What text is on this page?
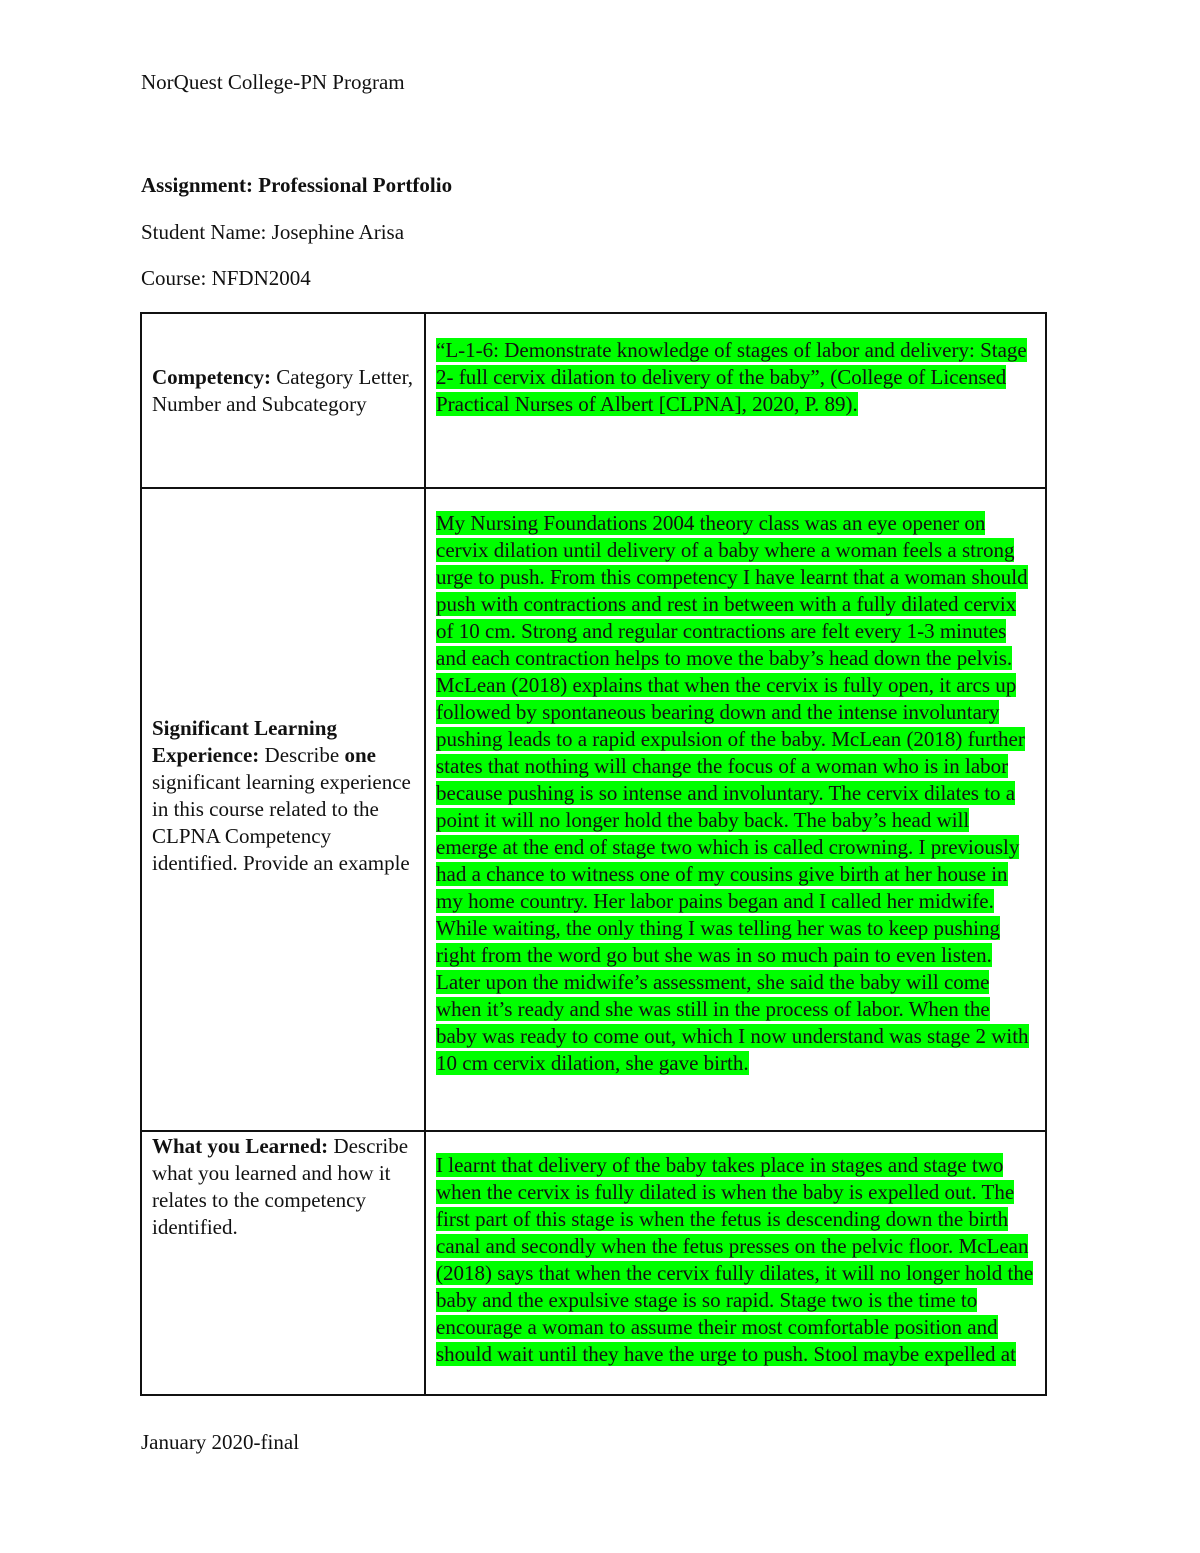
NorQuest College-PN Program
Assignment: Professional Portfolio
Student Name: Josephine Arisa
Course: NFDN2004
Competency: Category Letter, Number and Subcategory	“L-1-6: Demonstrate knowledge of stages of labor and delivery: Stage 2- full cervix dilation to delivery of the baby”, (College of Licensed Practical Nurses of Albert [CLPNA], 2020, P. 89).

Significant Learning Experience: Describe one significant learning experience in this course related to the CLPNA Competency identified. Provide an example	My Nursing Foundations 2004 theory class was an eye opener on cervix dilation until delivery of a baby where a woman feels a strong urge to push. From this competency I have learnt that a woman should push with contractions and rest in between with a fully dilated cervix of 10 cm. Strong and regular contractions are felt every 1-3 minutes and each contraction helps to move the baby’s head down the pelvis. McLean (2018) explains that when the cervix is fully open, it arcs up followed by spontaneous bearing down and the intense involuntary pushing leads to a rapid expulsion of the baby. McLean (2018) further states that nothing will change the focus of a woman who is in labor because pushing is so intense and involuntary. The cervix dilates to a point it will no longer hold the baby back. The baby’s head will emerge at the end of stage two which is called crowning. I previously had a chance to witness one of my cousins give birth at her house in my home country. Her labor pains began and I called her midwife. While waiting, the only thing I was telling her was to keep pushing right from the word go but she was in so much pain to even listen. Later upon the midwife’s assessment, she said the baby will come when it’s ready and she was still in the process of labor. When the baby was ready to come out, which I now understand was stage 2 with 10 cm cervix dilation, she gave birth.

What you Learned: Describe what you learned and how it relates to the competency identified.	I learnt that delivery of the baby takes place in stages and stage two when the cervix is fully dilated is when the baby is expelled out. The first part of this stage is when the fetus is descending down the birth canal and secondly when the fetus presses on the pelvic floor. McLean (2018) says that when the cervix fully dilates, it will no longer hold the baby and the expulsive stage is so rapid. Stage two is the time to encourage a woman to assume their most comfortable position and should wait until they have the urge to push. Stool maybe expelled at
January 2020-final
